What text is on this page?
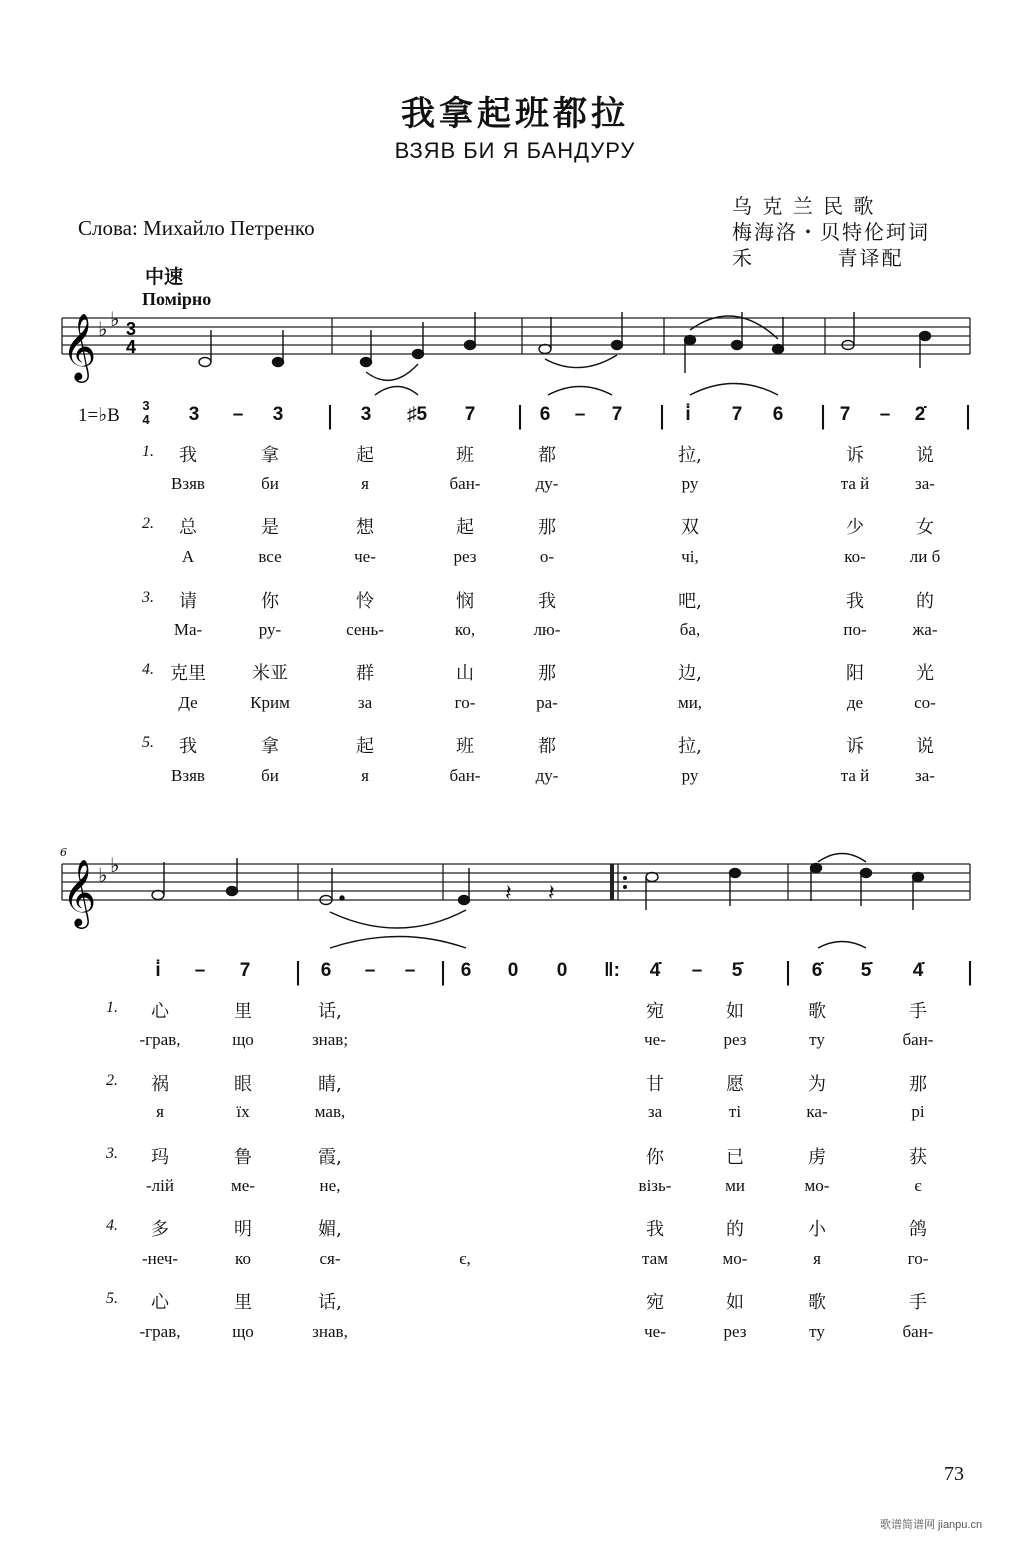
我拿起班都拉
ВЗЯВ БИ Я БАНДУРУ
Слова: Михайло Петренко
乌 克 兰 民 歌
梅海洛・贝特伦珂词
禾          青译配
中速
Помірно
𝄞 ♭ ♭ 3
4
6
𝄞 ♭ ♭
𝄽 𝄽
1=♭B 3
4 3 – 3 | 3 ♯5 7 | 6 – 7 | i̇ 7 6 | 7 – 2̇ |
1. 我	拿	起	班	都	拉,	诉	说
Взяв	би	я	бан-	ду-	ру	та й	за-
2. 总	是	想	起	那	双	少	女
А	все	че-	рез	о-	чі,	ко-	ли б
3. 请	你	怜	悯	我	吧,	我	的
Ма-	ру-	сень-	ко,	лю-	ба,	по-	жа-
4. 克里	米亚	群	山	那	边,	阳	光
Де	Крим	за	го-	ра-	ми,	де	со-
5. 我	拿	起	班	都	拉,	诉	说
Взяв	би	я	бан-	ду-	ру	та й	за-
i̇ – 7 | 6 – – | 6 0 0 ‖: 4̇ – 5̇ | 6̇ 5̇ 4̇ |
1. 心	里	话,	宛	如	歌	手
-грав,	що	знав;	че-	рез	ту	бан-
2. 祸	眼	睛,	甘	愿	为	那
я	їх	мав,	за	ті	ка-	рі
3. 玛	鲁	霞,	你	已	虏	获
-лій	ме-	не,	візь-	ми	мо-	є
4. 多	明	媚,	我	的	小	鸽
-неч-	ко	ся-	є,	там	мо-	я	го-
5. 心	里	话,	宛	如	歌	手
-грав,	що	знав,	че-	рез	ту	бан-
73
歌谱简谱网 jianpu.cn
